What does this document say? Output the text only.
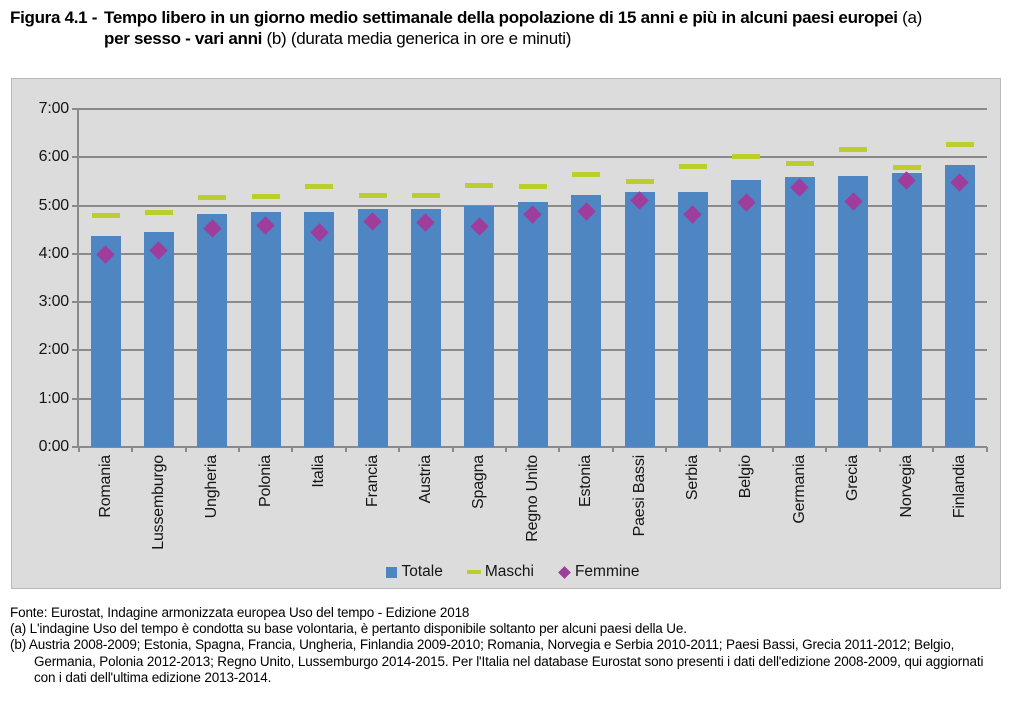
Figura 4.1 - Tempo libero in un giorno medio settimanale della popolazione di 15 anni e più in alcuni paesi europei (a)
per sesso - vari anni (b) (durata media generica in ore e minuti)
0:00
1:00
2:00
3:00
4:00
5:00
6:00
7:00
Romania Lussemburgo Ungheria Polonia Italia Francia Austria Spagna Regno Unito Estonia Paesi Bassi Serbia Belgio Germania Grecia Norvegia Finlandia
Totale	Maschi	Femmine
Fonte: Eurostat, Indagine armonizzata europea Uso del tempo - Edizione 2018
(a) L'indagine Uso del tempo è condotta su base volontaria, è pertanto disponibile soltanto per alcuni paesi della Ue.
(b) Austria 2008-2009; Estonia, Spagna, Francia, Ungheria, Finlandia 2009-2010; Romania, Norvegia e Serbia 2010-2011; Paesi Bassi, Grecia 2011-2012; Belgio, Germania, Polonia 2012-2013; Regno Unito, Lussemburgo 2014-2015. Per l'Italia nel database Eurostat sono presenti i dati dell'edizione 2008-2009, qui aggiornati con i dati dell'ultima edizione 2013-2014.
